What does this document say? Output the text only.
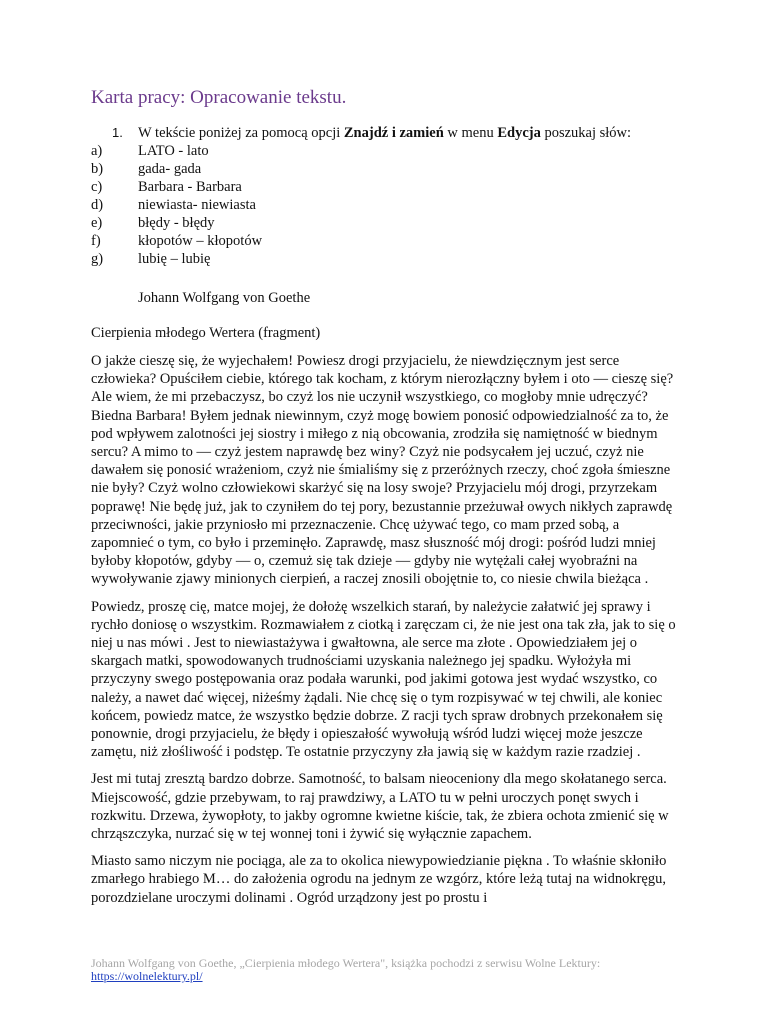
Karta pracy: Opracowanie tekstu.

1. W tekście poniżej za pomocą opcji Znajdź i zamień w menu Edycja poszukaj słów:

a) LATO - lato
b) gada- gada
c) Barbara - Barbara
d) niewiasta- niewiasta
e) błędy - błędy
f)	kłopotów – kłopotów
g) lubię – lubię

Johann Wolfgang von Goethe

Cierpienia młodego Wertera (fragment)

O jakże cieszę się, że wyjechałem! Powiesz drogi przyjacielu, że niewdzięcznym jest serce człowieka? Opuściłem ciebie, którego tak kocham, z którym nierozłączny byłem i oto — cieszę się? Ale wiem, że mi przebaczysz, bo czyż los nie uczynił wszystkiego, co mogłoby mnie udręczyć? Biedna Barbara! Byłem jednak niewinnym, czyż mogę bowiem ponosić odpowiedzialność za to, że pod wpływem zalotności jej siostry i miłego z nią obcowania, zrodziła się namiętność w biednym sercu? A mimo to — czyż jestem naprawdę bez winy? Czyż nie podsycałem jej uczuć, czyż nie dawałem się ponosić wrażeniom, czyż nie śmialiśmy się z przeróżnych rzeczy, choć zgoła śmieszne nie były? Czyż wolno człowiekowi skarżyć się na losy swoje? Przyjacielu mój drogi, przyrzekam poprawę! Nie będę już, jak to czyniłem do tej pory, bezustannie przeżuwał owych nikłych zaprawdę przeciwności, jakie przyniosło mi przeznaczenie. Chcę używać tego, co mam przed sobą, a zapomnieć o tym, co było i przeminęło. Zaprawdę, masz słuszność mój drogi: pośród ludzi mniej byłoby kłopotów, gdyby — o, czemuż się tak dzieje — gdyby nie wytężali całej wyobraźni na wywoływanie zjawy minionych cierpień, a raczej znosili obojętnie to, co niesie chwila bieżąca .

Powiedz, proszę cię, matce mojej, że dołożę wszelkich starań, by należycie załatwić jej sprawy i rychło doniosę o wszystkim. Rozmawiałem z ciotką i zaręczam ci, że nie jest ona tak zła, jak to się o niej u nas mówi . Jest to niewiastażywa i gwałtowna, ale serce ma złote . Opowiedziałem jej o skargach matki, spowodowanych trudnościami uzyskania należnego jej spadku. Wyłożyła mi przyczyny swego postępowania oraz podała warunki, pod jakimi gotowa jest wydać wszystko, co należy, a nawet dać więcej, niżeśmy żądali. Nie chcę się o tym rozpisywać w tej chwili, ale koniec końcem, powiedz matce, że wszystko będzie dobrze. Z racji tych spraw drobnych przekonałem się ponownie, drogi przyjacielu, że błędy i opieszałość wywołują wśród ludzi więcej może jeszcze zamętu, niż złośliwość i podstęp. Te ostatnie przyczyny zła jawią się w każdym razie rzadziej .

Jest mi tutaj zresztą bardzo dobrze. Samotność, to balsam nieoceniony dla mego skołatanego serca. Miejscowość, gdzie przebywam, to raj prawdziwy, a LATO tu w pełni uroczych ponęt swych i rozkwitu. Drzewa, żywopłoty, to jakby ogromne kwietne kiście, tak, że zbiera ochota zmienić się w chrząszczyka, nurzać się w tej wonnej toni i żywić się wyłącznie zapachem.

Miasto samo niczym nie pociąga, ale za to okolica niewypowiedzianie piękna . To właśnie skłoniło zmarłego hrabiego M… do założenia ogrodu na jednym ze wzgórz, które leżą tutaj na widnokręgu, porozdzielane uroczymi dolinami . Ogród urządzony jest po prostu i

Johann Wolfgang von Goethe, „Cierpienia młodego Wertera", książka pochodzi z serwisu Wolne Lektury:
https://wolnelektury.pl/
